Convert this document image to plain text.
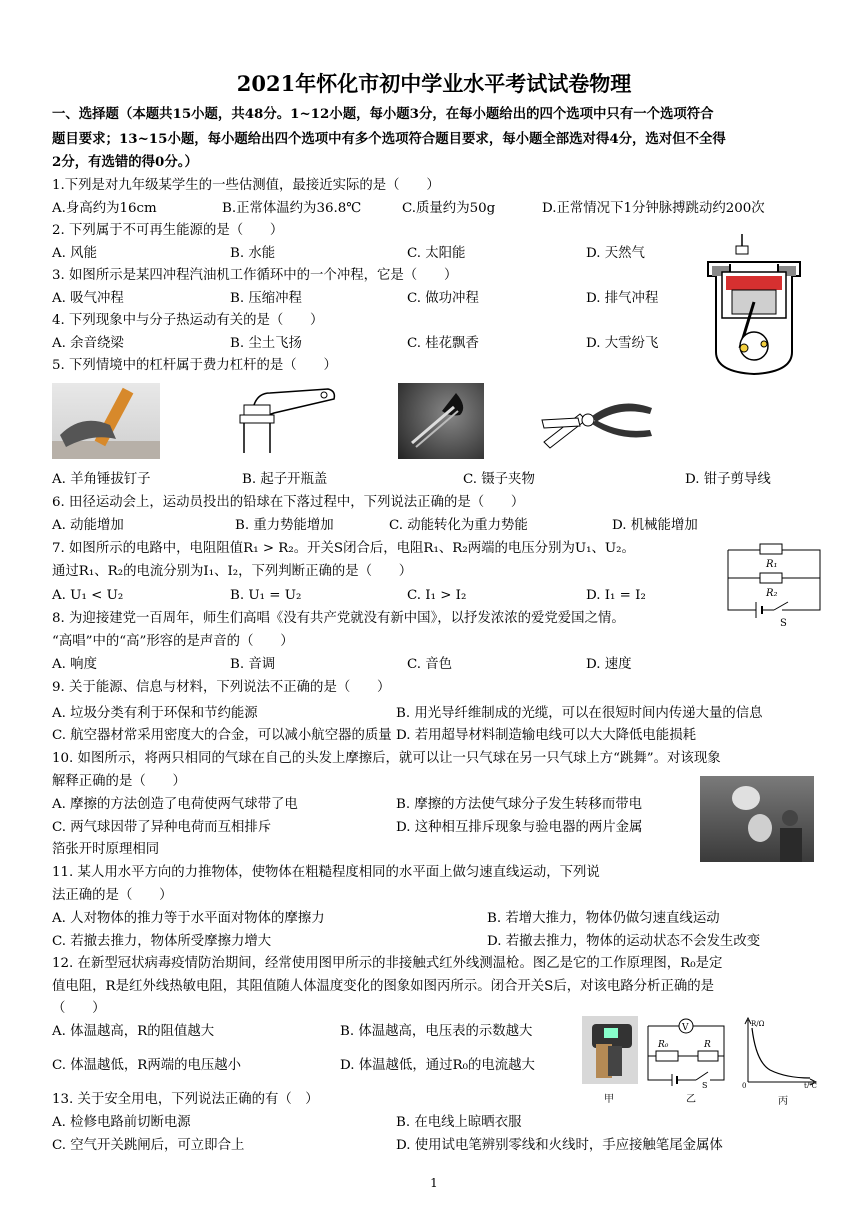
2021年怀化市初中学业水平考试试卷物理
一、选择题（本题共15小题，共48分。1~12小题，每小题3分，在每小题给出的四个选项中只有一个选项符合
题目要求；13~15小题，每小题给出四个选项中有多个选项符合题目要求，每小题全部选对得4分，选对但不全得
2分，有选错的得0分。）
1.下列是对九年级某学生的一些估测值，最接近实际的是（　　）
A.身高约为16cm	B.正常体温约为36.8℃	C.质量约为50g	D.正常情况下1分钟脉搏跳动约200次
2. 下列属于不可再生能源的是（　　）
A. 风能	B. 水能	C. 太阳能	D. 天然气
3. 如图所示是某四冲程汽油机工作循环中的一个冲程，它是（　　）
A. 吸气冲程	B. 压缩冲程	C. 做功冲程	D. 排气冲程
4. 下列现象中与分子热运动有关的是（　　）
A. 余音绕梁	B. 尘土飞扬	C. 桂花飘香	D. 大雪纷飞
5. 下列情境中的杠杆属于费力杠杆的是（　　）
A. 羊角锤拔钉子	B. 起子开瓶盖	C. 镊子夹物	D. 钳子剪导线
6. 田径运动会上，运动员投出的铅球在下落过程中，下列说法正确的是（　　）
A. 动能增加	B. 重力势能增加	C. 动能转化为重力势能	D. 机械能增加
7. 如图所示的电路中，电阻阻值R₁ > R₂。开关S闭合后，电阻R₁、R₂两端的电压分别为U₁、U₂。
通过R₁、R₂的电流分别为I₁、I₂，下列判断正确的是（　　）
A. U₁ < U₂	B. U₁ = U₂	C. I₁ > I₂	D. I₁ = I₂
R₁
R₂
S
8. 为迎接建党一百周年，师生们高唱《没有共产党就没有新中国》，以抒发浓浓的爱党爱国之情。
“高唱”中的“高”形容的是声音的（　　）
A. 响度	B. 音调	C. 音色	D. 速度
9. 关于能源、信息与材料，下列说法不正确的是（　　）
A. 垃圾分类有利于环保和节约能源	B. 用光导纤维制成的光缆，可以在很短时间内传递大量的信息
C. 航空器材常采用密度大的合金，可以减小航空器的质量 D. 若用超导材料制造输电线可以大大降低电能损耗
10. 如图所示，将两只相同的气球在自己的头发上摩擦后，就可以让一只气球在另一只气球上方“跳舞”。对该现象
解释正确的是（　　）
A. 摩擦的方法创造了电荷使两气球带了电	B. 摩擦的方法使气球分子发生转移而带电
C. 两气球因带了异种电荷而互相排斥	D. 这种相互排斥现象与验电器的两片金属
箔张开时原理相同
11. 某人用水平方向的力推物体，使物体在粗糙程度相同的水平面上做匀速直线运动，下列说
法正确的是（　　）
A. 人对物体的推力等于水平面对物体的摩擦力	B. 若增大推力，物体仍做匀速直线运动
C. 若撤去推力，物体所受摩擦力增大	D. 若撤去推力，物体的运动状态不会发生改变
12. 在新型冠状病毒疫情防治期间，经常使用图甲所示的非接触式红外线测温枪。图乙是它的工作原理图，R₀是定
值电阻，R是红外线热敏电阻，其阻值随人体温度变化的图象如图丙所示。闭合开关S后，对该电路分析正确的是
（　　）
A. 体温越高，R的阻值越大	B. 体温越高，电压表的示数越大
C. 体温越低，R两端的电压越小	D. 体温越低，通过R₀的电流越大
甲
V
R₀	R
S
乙
R/Ω
0	t/℃
丙
13. 关于安全用电，下列说法正确的有（　）
A. 检修电路前切断电源	B. 在电线上晾晒衣服
C. 空气开关跳闸后，可立即合上	D. 使用试电笔辨别零线和火线时，手应接触笔尾金属体
1
